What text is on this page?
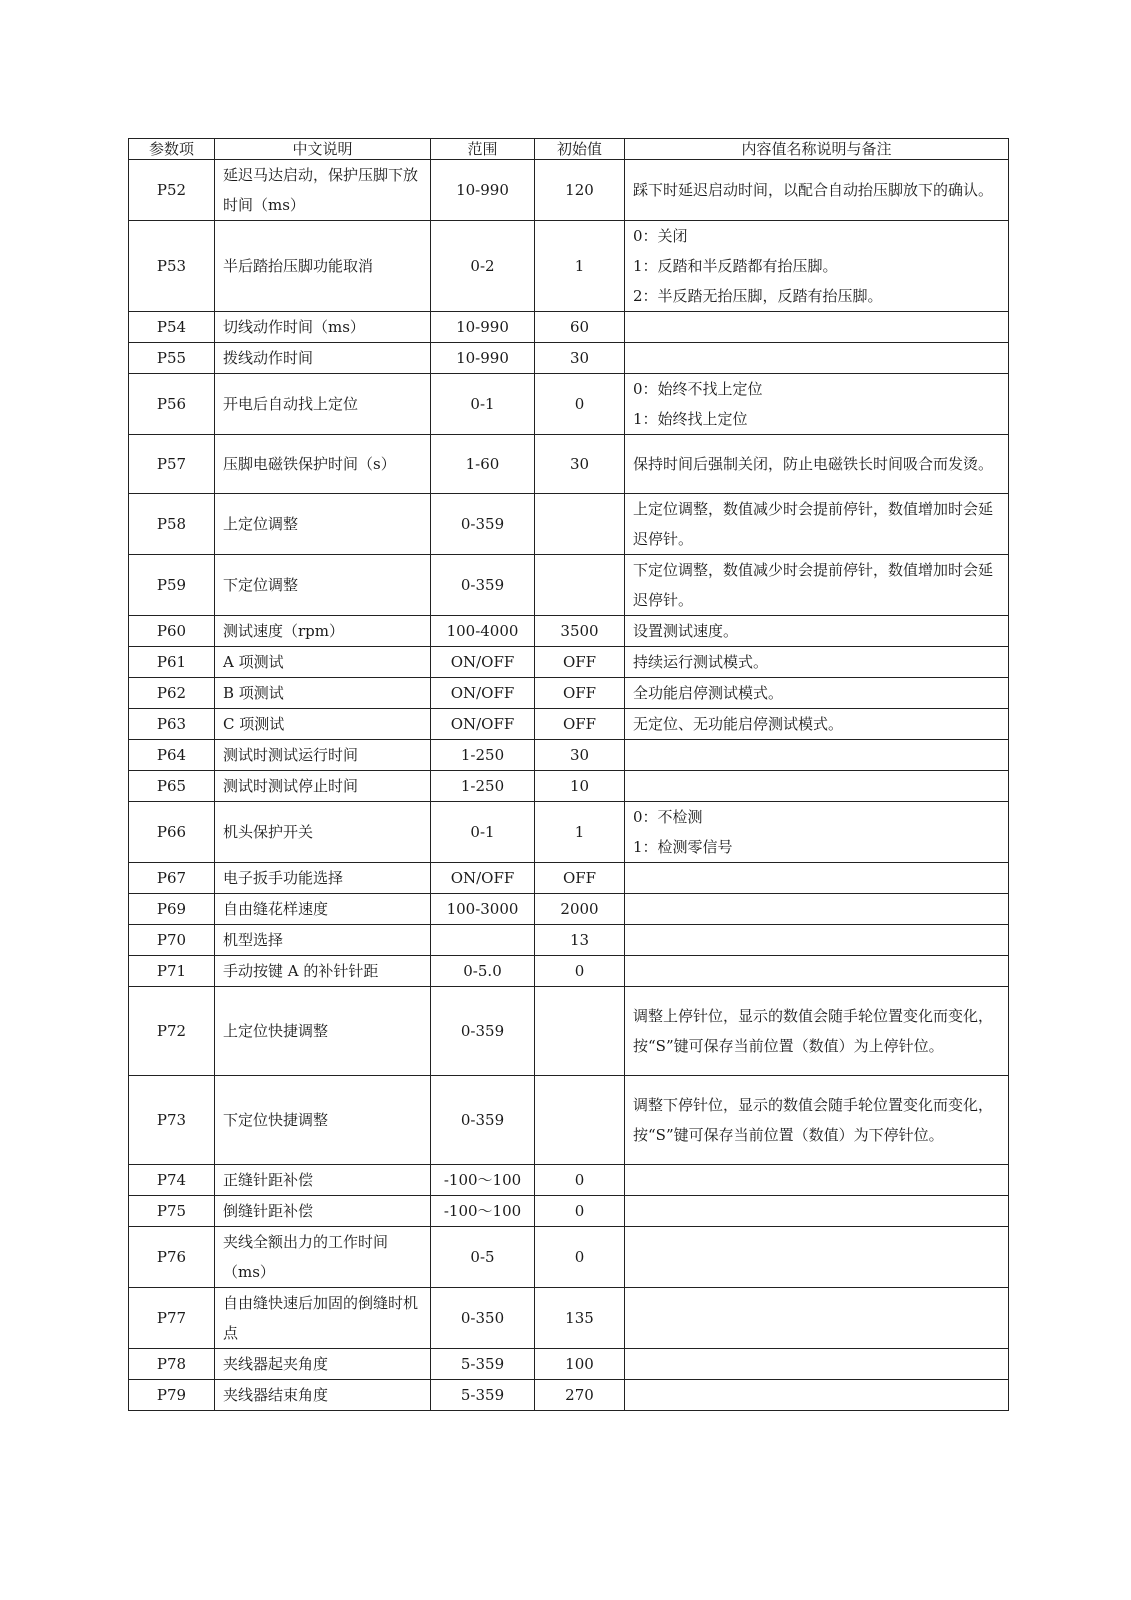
参数项	中文说明	范围	初始值	内容值名称说明与备注
P52	延迟马达启动，保护压脚下放时间（ms）	10-990	120	踩下时延迟启动时间，以配合自动抬压脚放下的确认。

P53	半后踏抬压脚功能取消	0-2	1	0：关闭
1：反踏和半反踏都有抬压脚。
2：半反踏无抬压脚，反踏有抬压脚。

P54	切线动作时间（ms）	10-990	60	
P55	拨线动作时间	10-990	30	
P56	开电后自动找上定位	0-1	0	0：始终不找上定位
1：始终找上定位

P57	压脚电磁铁保护时间（s）	1-60	30	保持时间后强制关闭，防止电磁铁长时间吸合而发烫。

P58	上定位调整	0-359		上定位调整，数值减少时会提前停针，数值增加时会延迟停针。

P59	下定位调整	0-359		下定位调整，数值减少时会提前停针，数值增加时会延迟停针。

P60	测试速度（rpm）	100-4000	3500	设置测试速度。

P61	A 项测试	ON/OFF	OFF	持续运行测试模式。

P62	B 项测试	ON/OFF	OFF	全功能启停测试模式。

P63	C 项测试	ON/OFF	OFF	无定位、无功能启停测试模式。

P64	测试时测试运行时间	1-250	30	
P65	测试时测试停止时间	1-250	10	
P66	机头保护开关	0-1	1	0：不检测
1：检测零信号

P67	电子扳手功能选择	ON/OFF	OFF	
P69	自由缝花样速度	100-3000	2000	
P70	机型选择		13	
P71	手动按键 A 的补针针距	0-5.0	0	
P72	上定位快捷调整	0-359		调整上停针位，显示的数值会随手轮位置变化而变化，按“S”键可保存当前位置（数值）为上停针位。

P73	下定位快捷调整	0-359		调整下停针位，显示的数值会随手轮位置变化而变化，按“S”键可保存当前位置（数值）为下停针位。

P74	正缝针距补偿	-100～100	0	
P75	倒缝针距补偿	-100～100	0	
P76	夹线全额出力的工作时间（ms）	0-5	0	
P77	自由缝快速后加固的倒缝时机点	0-350	135	
P78	夹线器起夹角度	5-359	100	
P79	夹线器结束角度	5-359	270	
